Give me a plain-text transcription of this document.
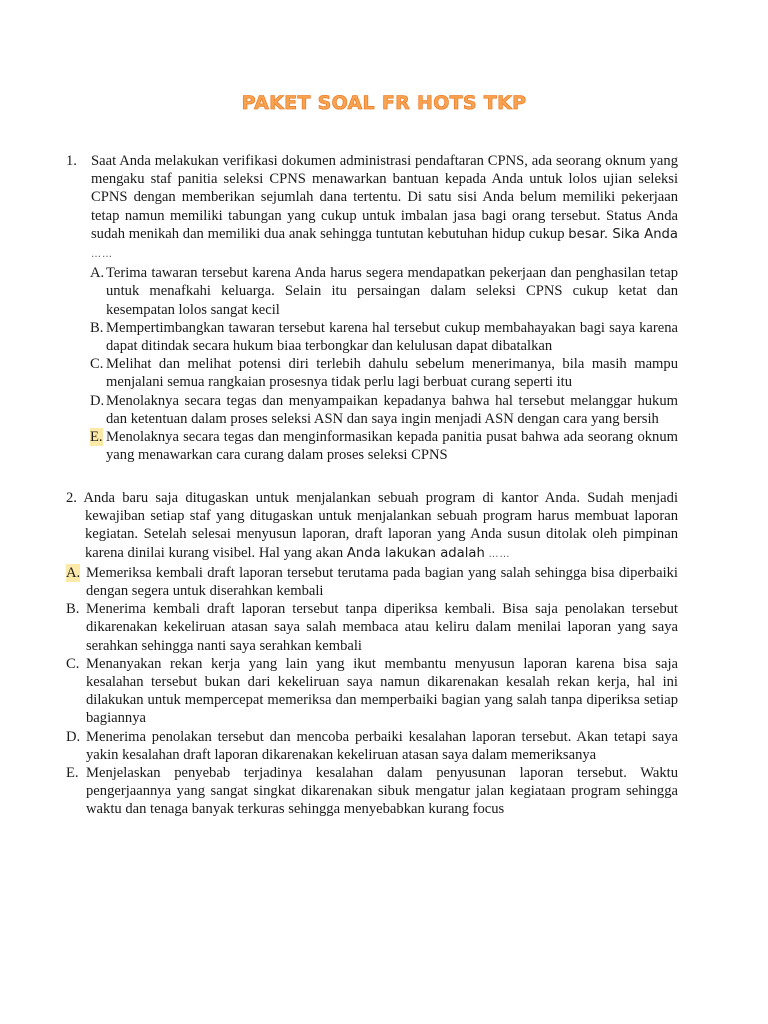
PAKET SOAL FR HOTS TKP
1. Saat Anda melakukan verifikasi dokumen administrasi pendaftaran CPNS, ada seorang oknum yang mengaku staf panitia seleksi CPNS menawarkan bantuan kepada Anda untuk lolos ujian seleksi CPNS dengan memberikan sejumlah dana tertentu. Di satu sisi Anda belum memiliki pekerjaan tetap namun memiliki tabungan yang cukup untuk imbalan jasa bagi orang tersebut. Status Anda sudah menikah dan memiliki dua anak sehingga tuntutan kebutuhan hidup cukup besar. Sika Anda ……
A. Terima tawaran tersebut karena Anda harus segera mendapatkan pekerjaan dan penghasilan tetap untuk menafkahi keluarga. Selain itu persaingan dalam seleksi CPNS cukup ketat dan kesempatan lolos sangat kecil
B. Mempertimbangkan tawaran tersebut karena hal tersebut cukup membahayakan bagi saya karena dapat ditindak secara hukum biaa terbongkar dan kelulusan dapat dibatalkan
C. Melihat dan melihat potensi diri terlebih dahulu sebelum menerimanya, bila masih mampu menjalani semua rangkaian prosesnya tidak perlu lagi berbuat curang seperti itu
D. Menolaknya secara tegas dan menyampaikan kepadanya bahwa hal tersebut melanggar hukum dan ketentuan dalam proses seleksi ASN dan saya ingin menjadi ASN dengan cara yang bersih
E. Menolaknya secara tegas dan menginformasikan kepada panitia pusat bahwa ada seorang oknum yang menawarkan cara curang dalam proses seleksi CPNS
2. Anda baru saja ditugaskan untuk menjalankan sebuah program di kantor Anda. Sudah menjadi kewajiban setiap staf yang ditugaskan untuk menjalankan sebuah program harus membuat laporan kegiatan. Setelah selesai menyusun laporan, draft laporan yang Anda susun ditolak oleh pimpinan karena dinilai kurang visibel. Hal yang akan Anda lakukan adalah ……
A. Memeriksa kembali draft laporan tersebut terutama pada bagian yang salah sehingga bisa diperbaiki dengan segera untuk diserahkan kembali
B. Menerima kembali draft laporan tersebut tanpa diperiksa kembali. Bisa saja penolakan tersebut dikarenakan kekeliruan atasan saya salah membaca atau keliru dalam menilai laporan yang saya serahkan sehingga nanti saya serahkan kembali
C. Menanyakan rekan kerja yang lain yang ikut membantu menyusun laporan karena bisa saja kesalahan tersebut bukan dari kekeliruan saya namun dikarenakan kesalah rekan kerja, hal ini dilakukan untuk mempercepat memeriksa dan memperbaiki bagian yang salah tanpa diperiksa setiap bagiannya
D. Menerima penolakan tersebut dan mencoba perbaiki kesalahan laporan tersebut. Akan tetapi saya yakin kesalahan draft laporan dikarenakan kekeliruan atasan saya dalam memeriksanya
E. Menjelaskan penyebab terjadinya kesalahan dalam penyusunan laporan tersebut. Waktu pengerjaannya yang sangat singkat dikarenakan sibuk mengatur jalan kegiataan program sehingga waktu dan tenaga banyak terkuras sehingga menyebabkan kurang focus
